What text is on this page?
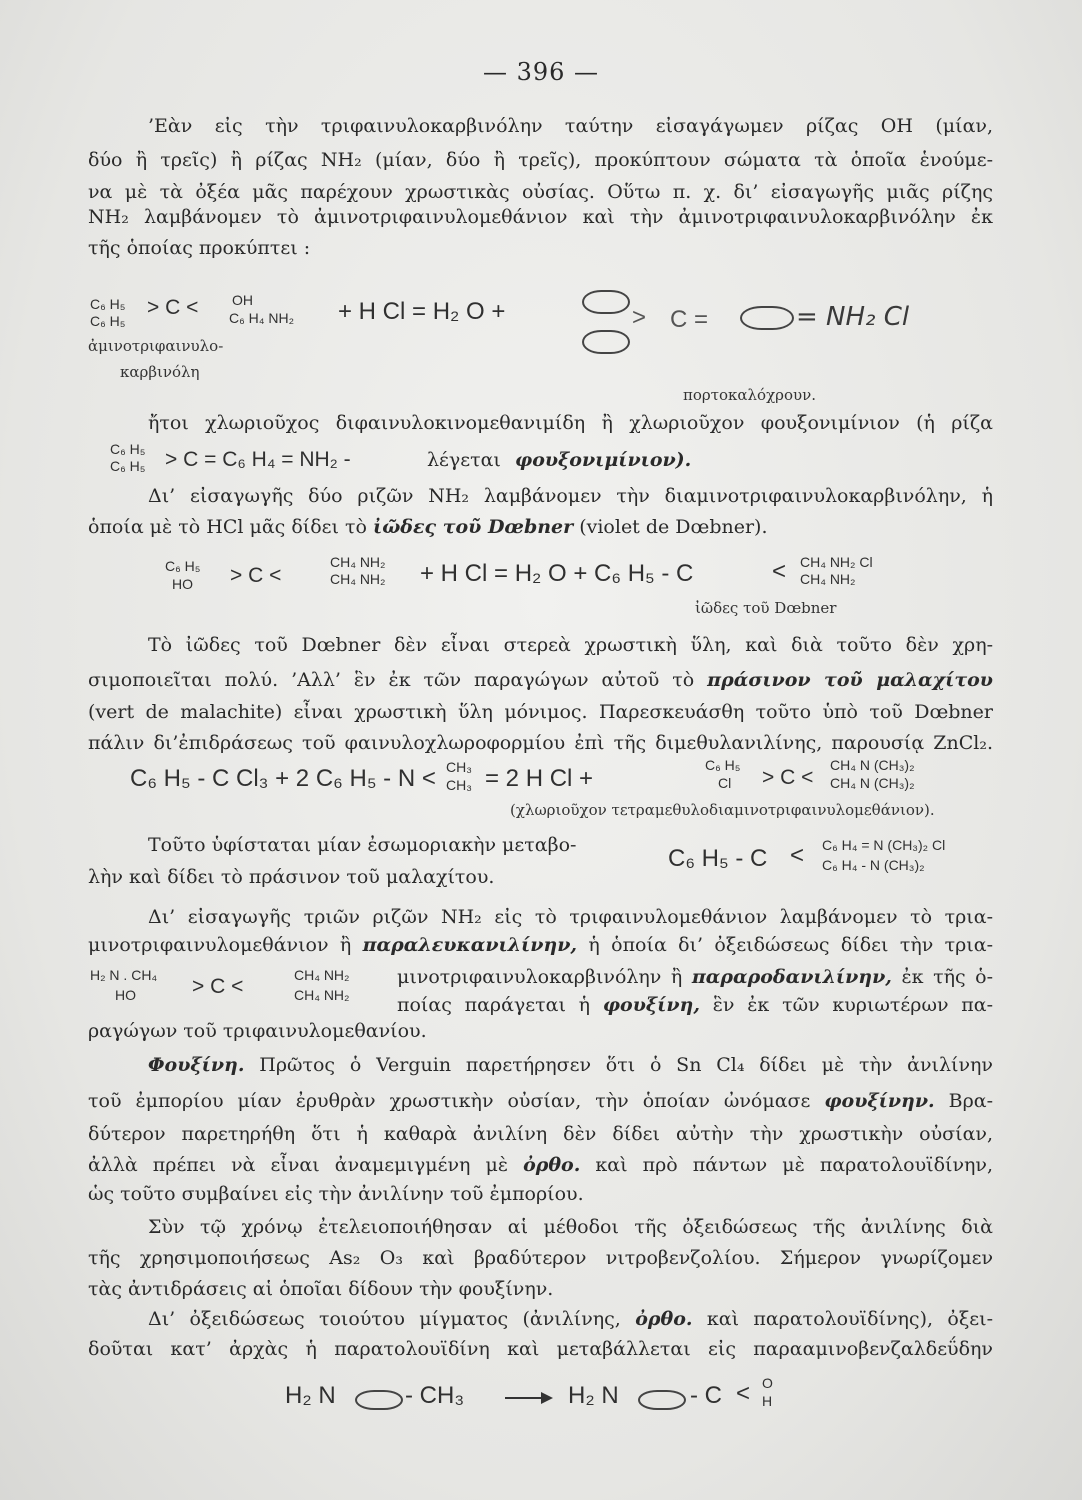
— 396 —
’Εὰν εἰς τὴν τριφαινυλοκαρβινόλην ταύτην εἰσαγάγωμεν ρίζας ΟΗ (μίαν,
δύο ἢ τρεῖς) ἢ ρίζας ΝΗ₂ (μίαν, δύο ἢ τρεῖς), προκύπτουν σώματα τὰ ὁποῖα ἑνούμε-
να μὲ τὰ ὀξέα μᾶς παρέχουν χρωστικὰς οὐσίας. Οὕτω π. χ. δι’ εἰσαγωγῆς μιᾶς ρίζης
ΝΗ₂ λαμβάνομεν τὸ ἀμινοτριφαινυλομεθάνιον καὶ τὴν ἀμινοτριφαινυλοκαρβινόλην ἐκ
τῆς ὁποίας προκύπτει :
C₆ H₅
C₆ H₅
> C < OH
C₆ H₄ NH₂ + H Cl = H₂ O +	> C =	= NH₂ Cl
ἀμινοτριφαινυλο-
καρβινόλη
πορτοκαλόχρουν.
ἤτοι χλωριοῦχος διφαινυλοκινομεθανιμίδη ἢ χλωριοῦχον φουξονιμίνιον (ἡ ρίζα
C₆ H₅
C₆ H₅ > C = C₆ H₄ = NH₂ -	λέγεται φουξονιμίνιον).
Δι’ εἰσαγωγῆς δύο ριζῶν ΝΗ₂ λαμβάνομεν τὴν διαμινοτριφαινυλοκαρβινόλην, ἡ
ὁποία μὲ τὸ HCl μᾶς δίδει τὸ ἰῶδες τοῦ Dœbner (violet de Dœbner).
C₆ H₅
HO > C <
CH₄ NH₂
CH₄ NH₂ + H Cl = H₂ O + C₆ H₅ - C	< CH₄ NH₂ Cl
CH₄ NH₂
ἰῶδες τοῦ Dœbner
Τὸ ἰῶδες τοῦ Dœbner δὲν εἶναι στερεὰ χρωστικὴ ὕλη, καὶ διὰ τοῦτο δὲν χρη-
σιμοποιεῖται πολύ. ’Αλλ’ ἓν ἐκ τῶν παραγώγων αὐτοῦ τὸ πράσινον τοῦ μαλαχίτου
(vert de malachite) εἶναι χρωστικὴ ὕλη μόνιμος. Παρεσκευάσθη τοῦτο ὑπὸ τοῦ Dœbner
πάλιν δι’ἐπιδράσεως τοῦ φαινυλοχλωροφορμίου ἐπὶ τῆς διμεθυλανιλίνης, παρουσίᾳ ZnCl₂.
C₆ H₅ - C Cl₃ + 2 C₆ H₅ - N < CH₃
CH₃ = 2 H Cl +	C₆ H₅
Cl > C <
CH₄ N (CH₃)₂
CH₄ N (CH₃)₂
(χλωριοῦχον τετραμεθυλοδιαμινοτριφαινυλομεθάνιον).
Τοῦτο ὑφίσταται μίαν ἐσωμοριακὴν μεταβο-
λὴν καὶ δίδει τὸ πράσινον τοῦ μαλαχίτου.
C₆ H₅ - C < C₆ H₄ = N (CH₃)₂ Cl
C₆ H₄ - N (CH₃)₂
Δι’ εἰσαγωγῆς τριῶν ριζῶν ΝΗ₂ εἰς τὸ τριφαινυλομεθάνιον λαμβάνομεν τὸ τρια-
μινοτριφαινυλομεθάνιον ἢ παραλευκανιλίνην, ἡ ὁποία δι’ ὀξειδώσεως δίδει τὴν τρια-
H₂ N . CH₄
HO	> C <	CH₄ NH₂
CH₄ NH₂
μινοτριφαινυλοκαρβινόλην ἢ παραροδανιλίνην, ἐκ τῆς ὁ-
ποίας παράγεται ἡ φουξίνη, ἓν ἐκ τῶν κυριωτέρων πα-
ραγώγων τοῦ τριφαινυλομεθανίου.
Φουξίνη. Πρῶτος ὁ Verguin παρετήρησεν ὅτι ὁ Sn Cl₄ δίδει μὲ τὴν ἀνιλίνην
τοῦ ἐμπορίου μίαν ἐρυθρὰν χρωστικὴν οὐσίαν, τὴν ὁποίαν ὠνόμασε φουξίνην. Βρα-
δύτερον παρετηρήθη ὅτι ἡ καθαρὰ ἀνιλίνη δὲν δίδει αὐτὴν τὴν χρωστικὴν οὐσίαν,
ἀλλὰ πρέπει νὰ εἶναι ἀναμεμιγμένη μὲ ὀρθο. καὶ πρὸ πάντων μὲ παρατολουϊδίνην,
ὡς τοῦτο συμβαίνει εἰς τὴν ἀνιλίνην τοῦ ἐμπορίου.
Σὺν τῷ χρόνῳ ἐτελειοποιήθησαν αἱ μέθοδοι τῆς ὀξειδώσεως τῆς ἀνιλίνης διὰ
τῆς χρησιμοποιήσεως As₂ O₃ καὶ βραδύτερον νιτροβενζολίου. Σήμερον γνωρίζομεν
τὰς ἀντιδράσεις αἱ ὁποῖαι δίδουν τὴν φουξίνην.
Δι’ ὀξειδώσεως τοιούτου μίγματος (ἀνιλίνης, ὀρθο. καὶ παρατολουϊδίνης), ὀξει-
δοῦται κατ’ ἀρχὰς ἡ παρατολουϊδίνη καὶ μεταβάλλεται εἰς παρααμινοβενζαλδεΰδην
H₂ N	- CH₃ → H₂ N	- C < O
H
